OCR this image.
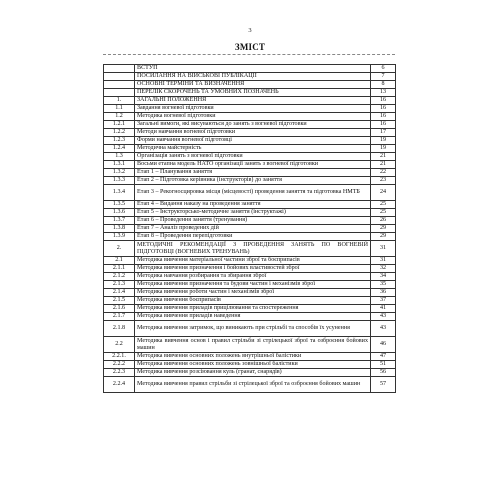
3
ЗМІСТ
	ВСТУП	6
	ПОСИЛАННЯ НА ВІЙСЬКОВІ ПУБЛІКАЦІЇ	7
	ОСНОВНІ ТЕРМІНИ ТА ВИЗНАЧЕННЯ	8
	ПЕРЕЛІК СКОРОЧЕНЬ ТА УМОВНИХ ПОЗНАЧЕНЬ	13
1.	ЗАГАЛЬНІ ПОЛОЖЕННЯ	16
1.1	Завдання вогневої підготовки	16
1.2	Методика вогневої підготовки	16
1.2.1	Загальні вимоги, які висуваються до занять з вогневої підготовки	16
1.2.2	Методи навчання вогневої підготовки	17
1.2.3	Форми навчання вогневої підготовці	19
1.2.4	Методична майстерність	19
1.3	Організація занять з вогневої підготовки	21
1.3.1	Восьми етапна модель НАТО організації занять з вогневої підготовки	21
1.3.2	Етап 1 – Планування заняття	22
1.3.3	Етап 2 – Підготовка керівника (інструкторів) до заняття	23
1.3.4	Етап 3 – Рекогносцировка місця (місцевості) проведення заняття та підготовка НМТБ	24
1.3.5	Етап 4 – Видання наказу на проведення заняття	25
1.3.6	Етап 5 – Інструкторсько-методичне заняття (інструктажі)	25
1.3.7	Етап 6 – Проведення заняття (тренування)	26
1.3.8	Етап 7 – Аналіз проведених дій	29
1.3.9	Етап 8 – Проведення перепідготовки	29
2.	МЕТОДИЧНІ РЕКОМЕНДАЦІЇ З ПРОВЕДЕННЯ ЗАНЯТЬ ПО ВОГНЕВІЙ ПІДГОТОВЦІ (ВОГНЕВИХ ТРЕНУВАНЬ)	31
2.1	Методика вивчення матеріальної частини зброї та боєприпасів	31
2.1.1	Методика вивчення призначення і бойових властивостей зброї	32
2.1.2	Методика навчання розбирання та збирання зброї	34
2.1.3	Методика вивчення призначення та будови частин і механізмів зброї	35
2.1.4	Методика вивчення роботи частин і механізмів зброї	36
2.1.5	Методика вивчення боєприпасів	37
2.1.6	Методика вивчення приладів прицілювання та спостереження	41
2.1.7	Методика вивчення приладів наведення	43
2.1.8	Методика вивчення затримок, що виникають при стрільбі та способів їх усунення	43
2.2	Методика вивчення основ і правил стрільби зі стрілецької зброї та озброєння бойових машин	46
2.2.1.	Методика вивчення основних положень внутрішньої балістики	47
2.2.2	Методика вивчення основних положень зовнішньої балістики	51
2.2.3	Методика вивчення розсіювання куль (гранат, снарядів)	56
2.2.4	Методика вивчення правил стрільби зі стрілецької зброї та озброєння бойових машин	57
